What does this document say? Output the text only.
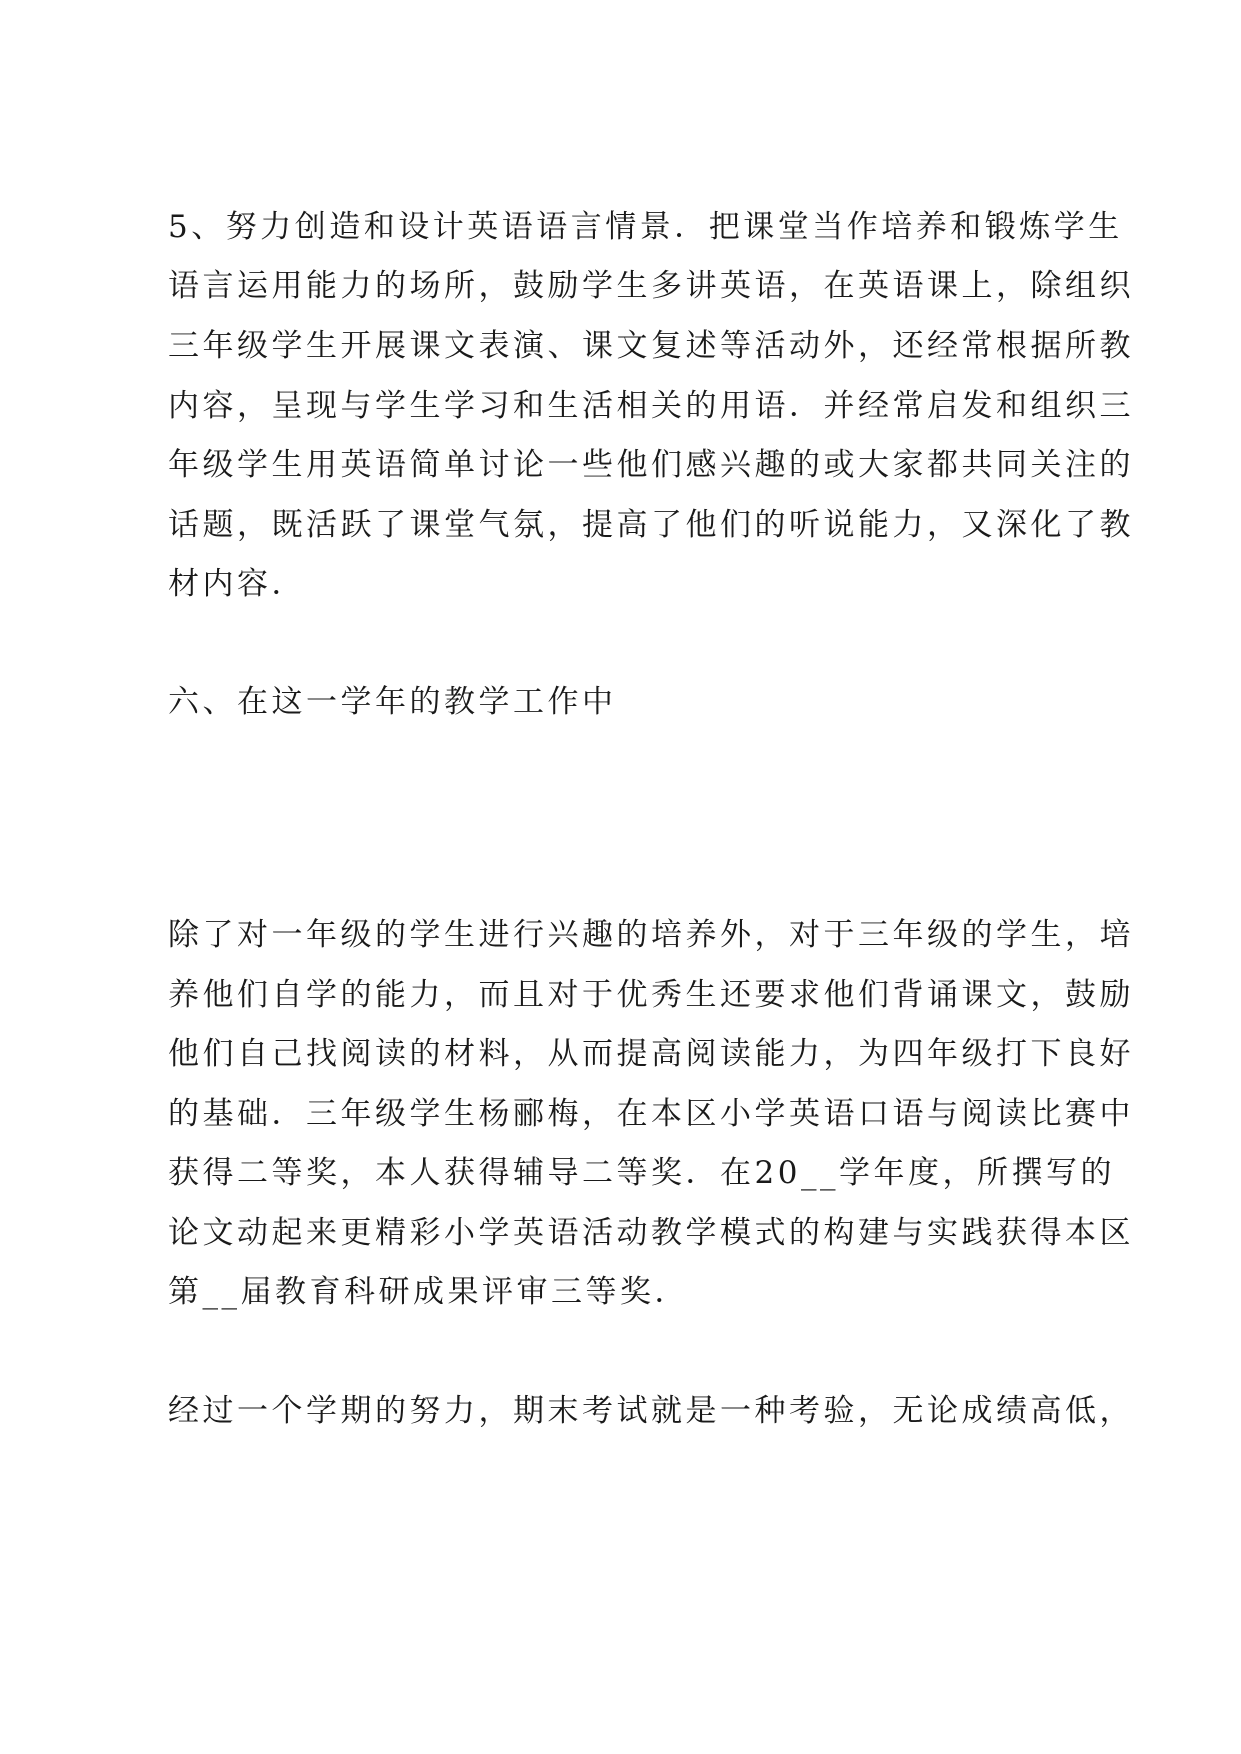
5、努力创造和设计英语语言情景．把课堂当作培养和锻炼学生
语言运用能力的场所，鼓励学生多讲英语，在英语课上，除组织
三年级学生开展课文表演、课文复述等活动外，还经常根据所教
内容，呈现与学生学习和生活相关的用语．并经常启发和组织三
年级学生用英语简单讨论一些他们感兴趣的或大家都共同关注的
话题，既活跃了课堂气氛，提高了他们的听说能力，又深化了教
材内容．
六、在这一学年的教学工作中
除了对一年级的学生进行兴趣的培养外，对于三年级的学生，培
养他们自学的能力，而且对于优秀生还要求他们背诵课文，鼓励
他们自己找阅读的材料，从而提高阅读能力，为四年级打下良好
的基础．三年级学生杨郦梅，在本区小学英语口语与阅读比赛中
获得二等奖，本人获得辅导二等奖．在20__学年度，所撰写的
论文动起来更精彩小学英语活动教学模式的构建与实践获得本区
第__届教育科研成果评审三等奖．
经过一个学期的努力，期末考试就是一种考验，无论成绩高低，
